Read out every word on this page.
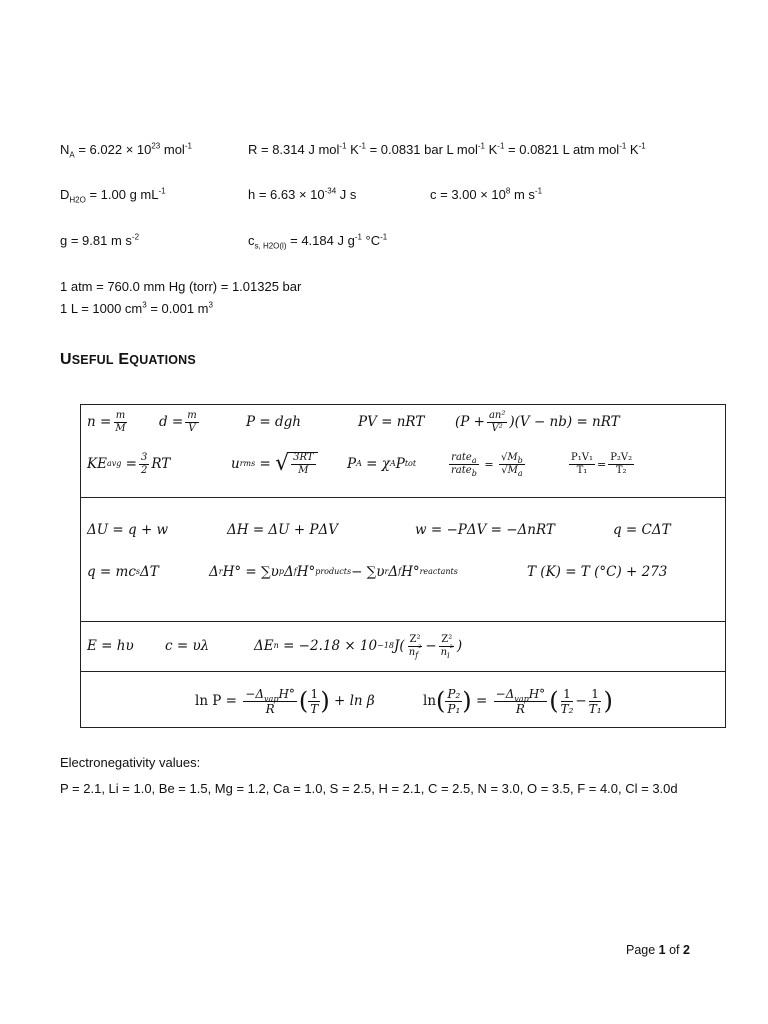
$N_A = 6.022 \times 10^{23}$ mol$^{-1}$	R = 8.314 J mol$^{-1}$ $K^{-1} = 0.0831$ bar L mol$^{-1}$ $K^{-1} = 0.0821$ L atm mol$^{-1}$ $K^{-1}$
$D_{H2O} = 1.00$ g $mL^{-1}$	$h = 6.63 \times 10^{-34}$ J s	$c = 3.00 \times 10^8$ m $s^{-1}$
g = 9.81 m $s^{-2}$	$c_{s, H2O(l)} = 4.184$ J $g^{-1}$ $^\circ C^{-1}$
1 atm = 760.0 mm Hg (torr) = 1.01325 bar
1 L = 1000 $cm^3 = 0.001$ $m^3$
USEFUL EQUATIONS
$n = \frac{m}{M}$ $d = \frac{m}{V}$	P = dgh	PV = nRT $(P + \frac{\text{an²}}{\text{V²}} )(V - nb)$ = nRT
KE avg
= $\frac{3}{2}$ RT	u rms
=
√ $\frac{3RT}{M}$ P A
= χ A P tot	$\frac{rate_a}{rate_b}$
=
$\frac{√M_b}{√M_a}$	$\frac{\text{P₁V₁}}{\text{T₁}} = \frac{\text{P₂V₂}}{\text{T₂}}$
ΔU = q + w	ΔH = ΔU + PΔV	w = −PΔV = −ΔnRT	q = CΔT
q = mc s ΔT	Δ r H° = ∑υ p Δ f H° products − ∑υ r Δ f H° reactants	T (K) = T (°C) + 273
E = hυ c = υλ	ΔE n
= −2.18 × 10 −18 $J( \frac{\text{Z²}}{n_f^{^2}} - \frac{\text{Z²}}{n_i^{^2}}$ )
ln P =
$\frac{-\Delta_{vap}H^\circ}{R}$ ( $\frac{1}{T}$ )
+ ln β	ln ( $\frac{\text{P₂}}{\text{P₁}}$ )
=
$\frac{-\Delta_{vap}H^\circ}{R}$ ( $\frac{1}{\text{T₂}} - \frac{1}{\text{T₁}}$ )
Electronegativity values:
P = 2.1, Li = 1.0, Be = 1.5, Mg = 1.2, Ca = 1.0, S = 2.5, H = 2.1, C = 2.5, N = 3.0, O = 3.5, F = 4.0, Cl = 3.0d
Page 1 of 2
